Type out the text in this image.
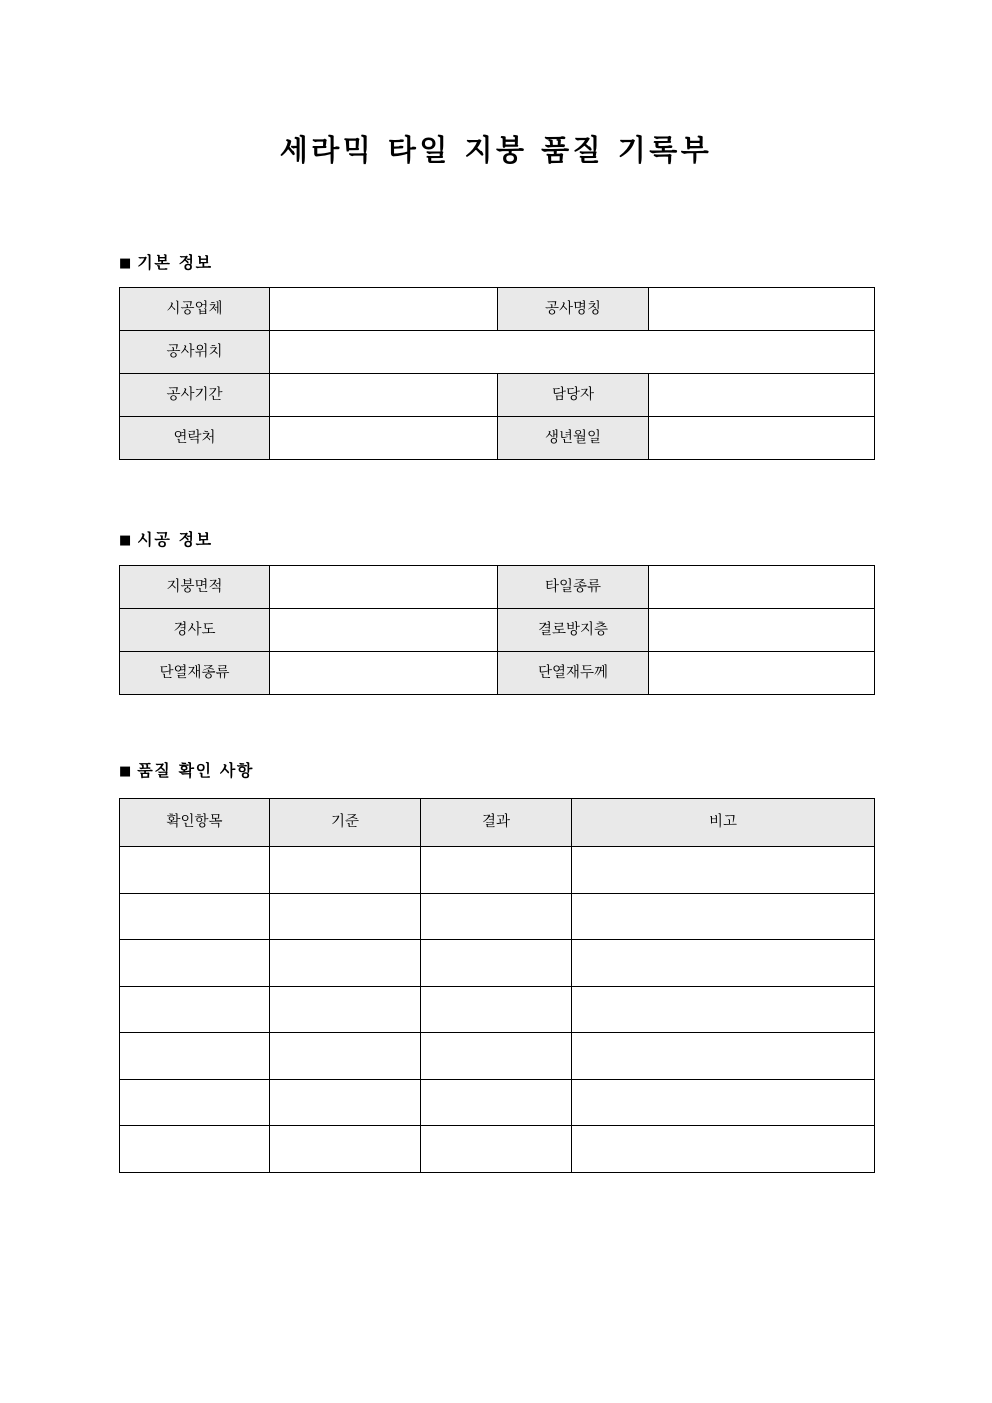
세라믹 타일 지붕 품질 기록부
■ 기본 정보
시공업체		공사명칭	
공사위치			
공사기간		담당자	
연락처		생년월일	
■ 시공 정보
지붕면적		타일종류	
경사도		결로방지층	
단열재종류		단열재두께	
■ 품질 확인 사항
확인항목	기준	결과	비고
